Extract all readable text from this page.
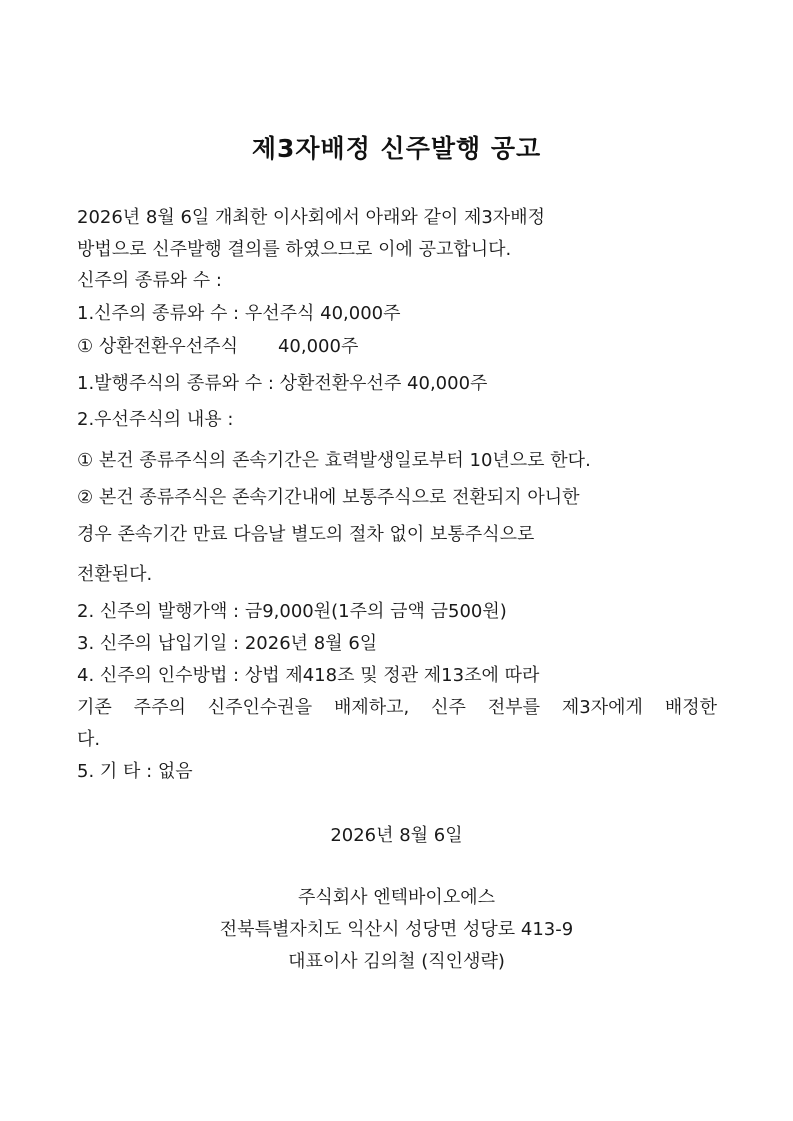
제3자배정 신주발행 공고
2026년 8월 6일 개최한 이사회에서 아래와 같이 제3자배정
방법으로 신주발행 결의를 하였으므로 이에 공고합니다.
신주의 종류와 수 :
1.신주의 종류와 수 : 우선주식 40,000주
① 상환전환우선주식 40,000주
1.발행주식의 종류와 수 : 상환전환우선주 40,000주
2.우선주식의 내용 :
① 본건 종류주식의 존속기간은 효력발생일로부터 10년으로 한다.
② 본건 종류주식은 존속기간내에 보통주식으로 전환되지 아니한
경우 존속기간 만료 다음날 별도의 절차 없이 보통주식으로
전환된다.
2. 신주의 발행가액 : 금9,000원(1주의 금액 금500원)
3. 신주의 납입기일 : 2026년 8월 6일
4. 신주의 인수방법 : 상법 제418조 및 정관 제13조에 따라
기존 주주의 신주인수권을 배제하고, 신주 전부를 제3자에게 배정한
다.
5. 기 타 : 없음
2026년 8월 6일
주식회사 엔텍바이오에스
전북특별자치도 익산시 성당면 성당로 413-9
대표이사 김의철 (직인생략)
